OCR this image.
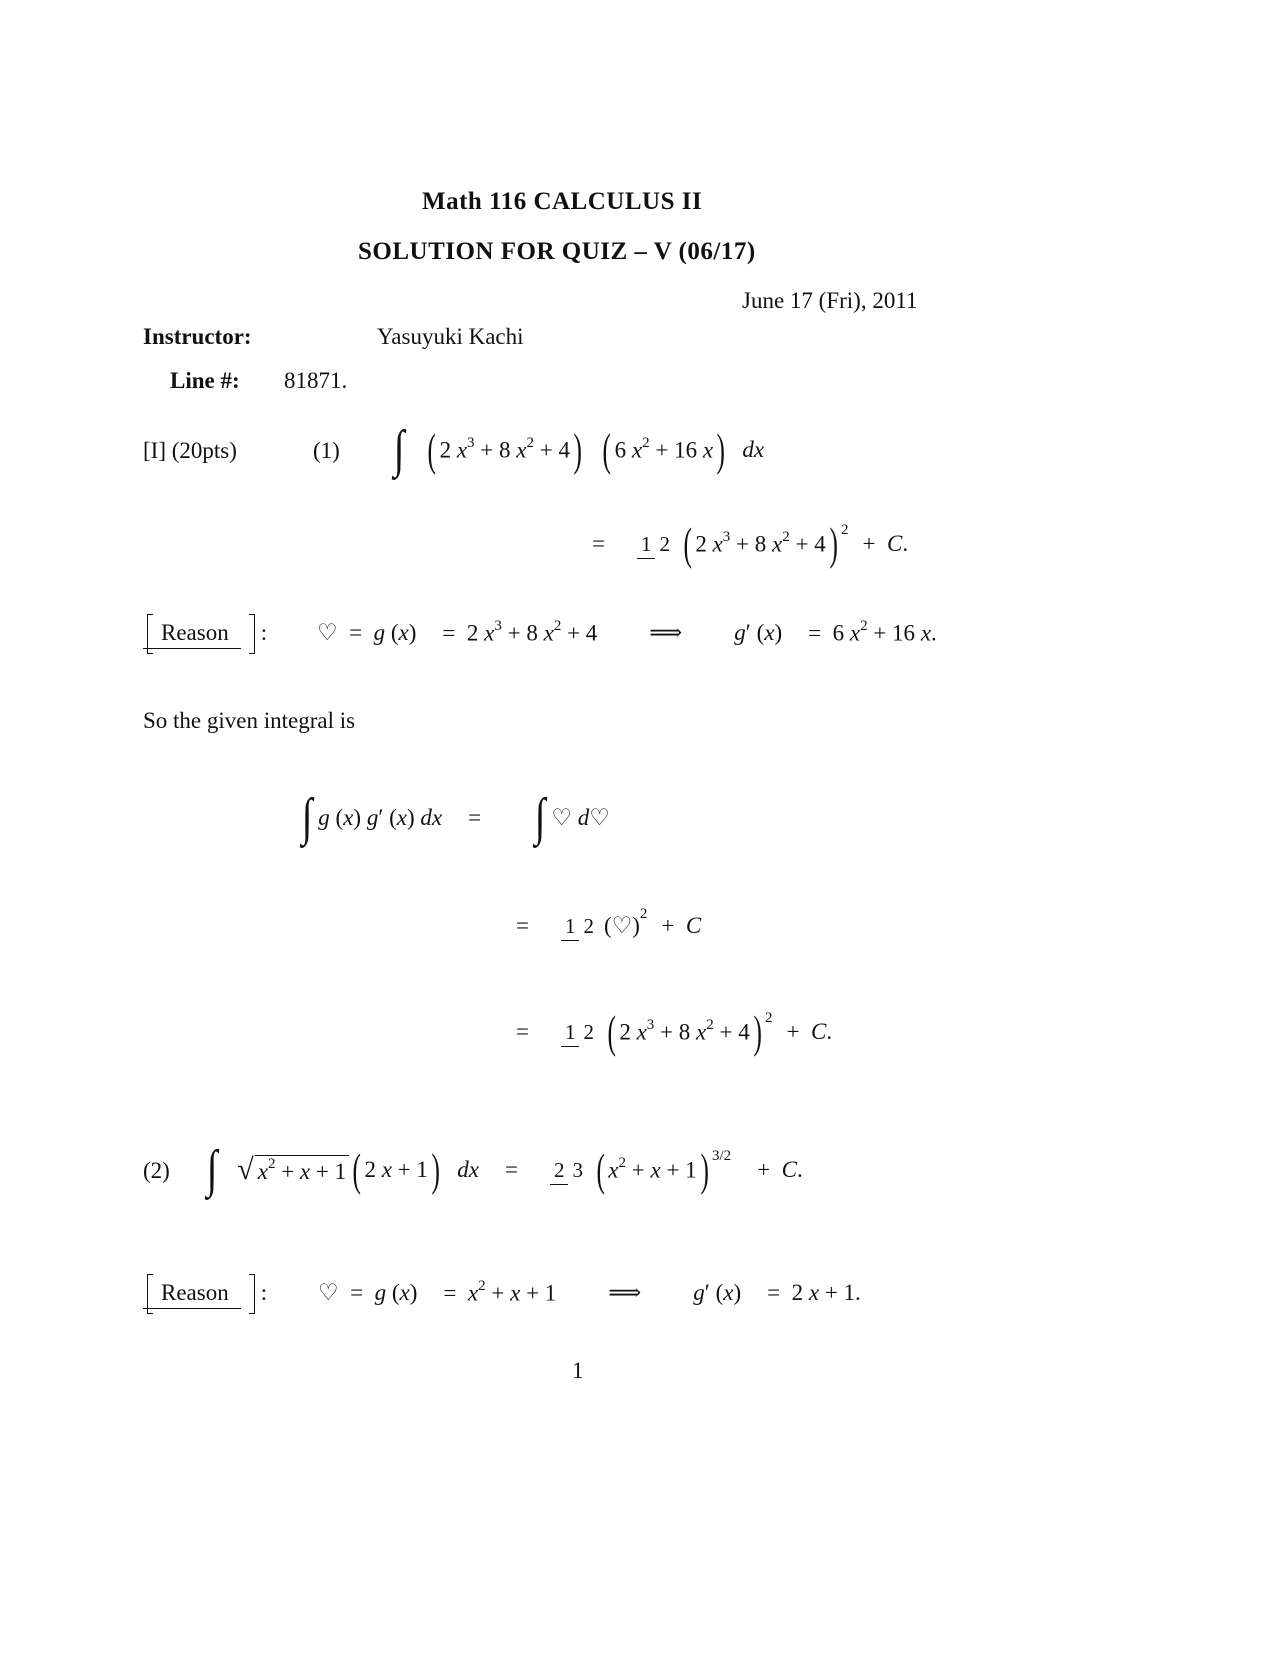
Math 116 CALCULUS II
SOLUTION FOR QUIZ – V (06/17)
June 17 (Fri), 2011
Instructor:	Yasuyuki Kachi
Line #: 81871.
[I] (20pts)	(1) ∫ ( 2 $x^3 + 8$ $x^2 + 4$ ) ( 6 $x^2 + 16$ x ) dx
= 1 2 ( 2 $x^3 + 8$ $x^2 + 4$ ) 2
+  C.
Reason : ♡  =  g (x) =  2 $x^3 + 8$ $x^2 + 4$ ⟹ g′ (x) =  6 $x^2 + 16$ x.
So the given integral is
∫ g (x) g′ (x) dx = ∫ ♡ d♡
= 1 2 (♡) 2 +  C
= 1 2 ( 2 $x^3 + 8$ $x^2 + 4$ ) 2
+  C.
(2) ∫ √ $x^2 + x + 1$ ( 2 x + 1 ) dx = 2 3 ( $x^2 + x + 1$ ) 3/2
+  C.
Reason : ♡  =  g $(x) = x^2 + x + 1$ ⟹ g′ (x) =  2 x + 1.
1
